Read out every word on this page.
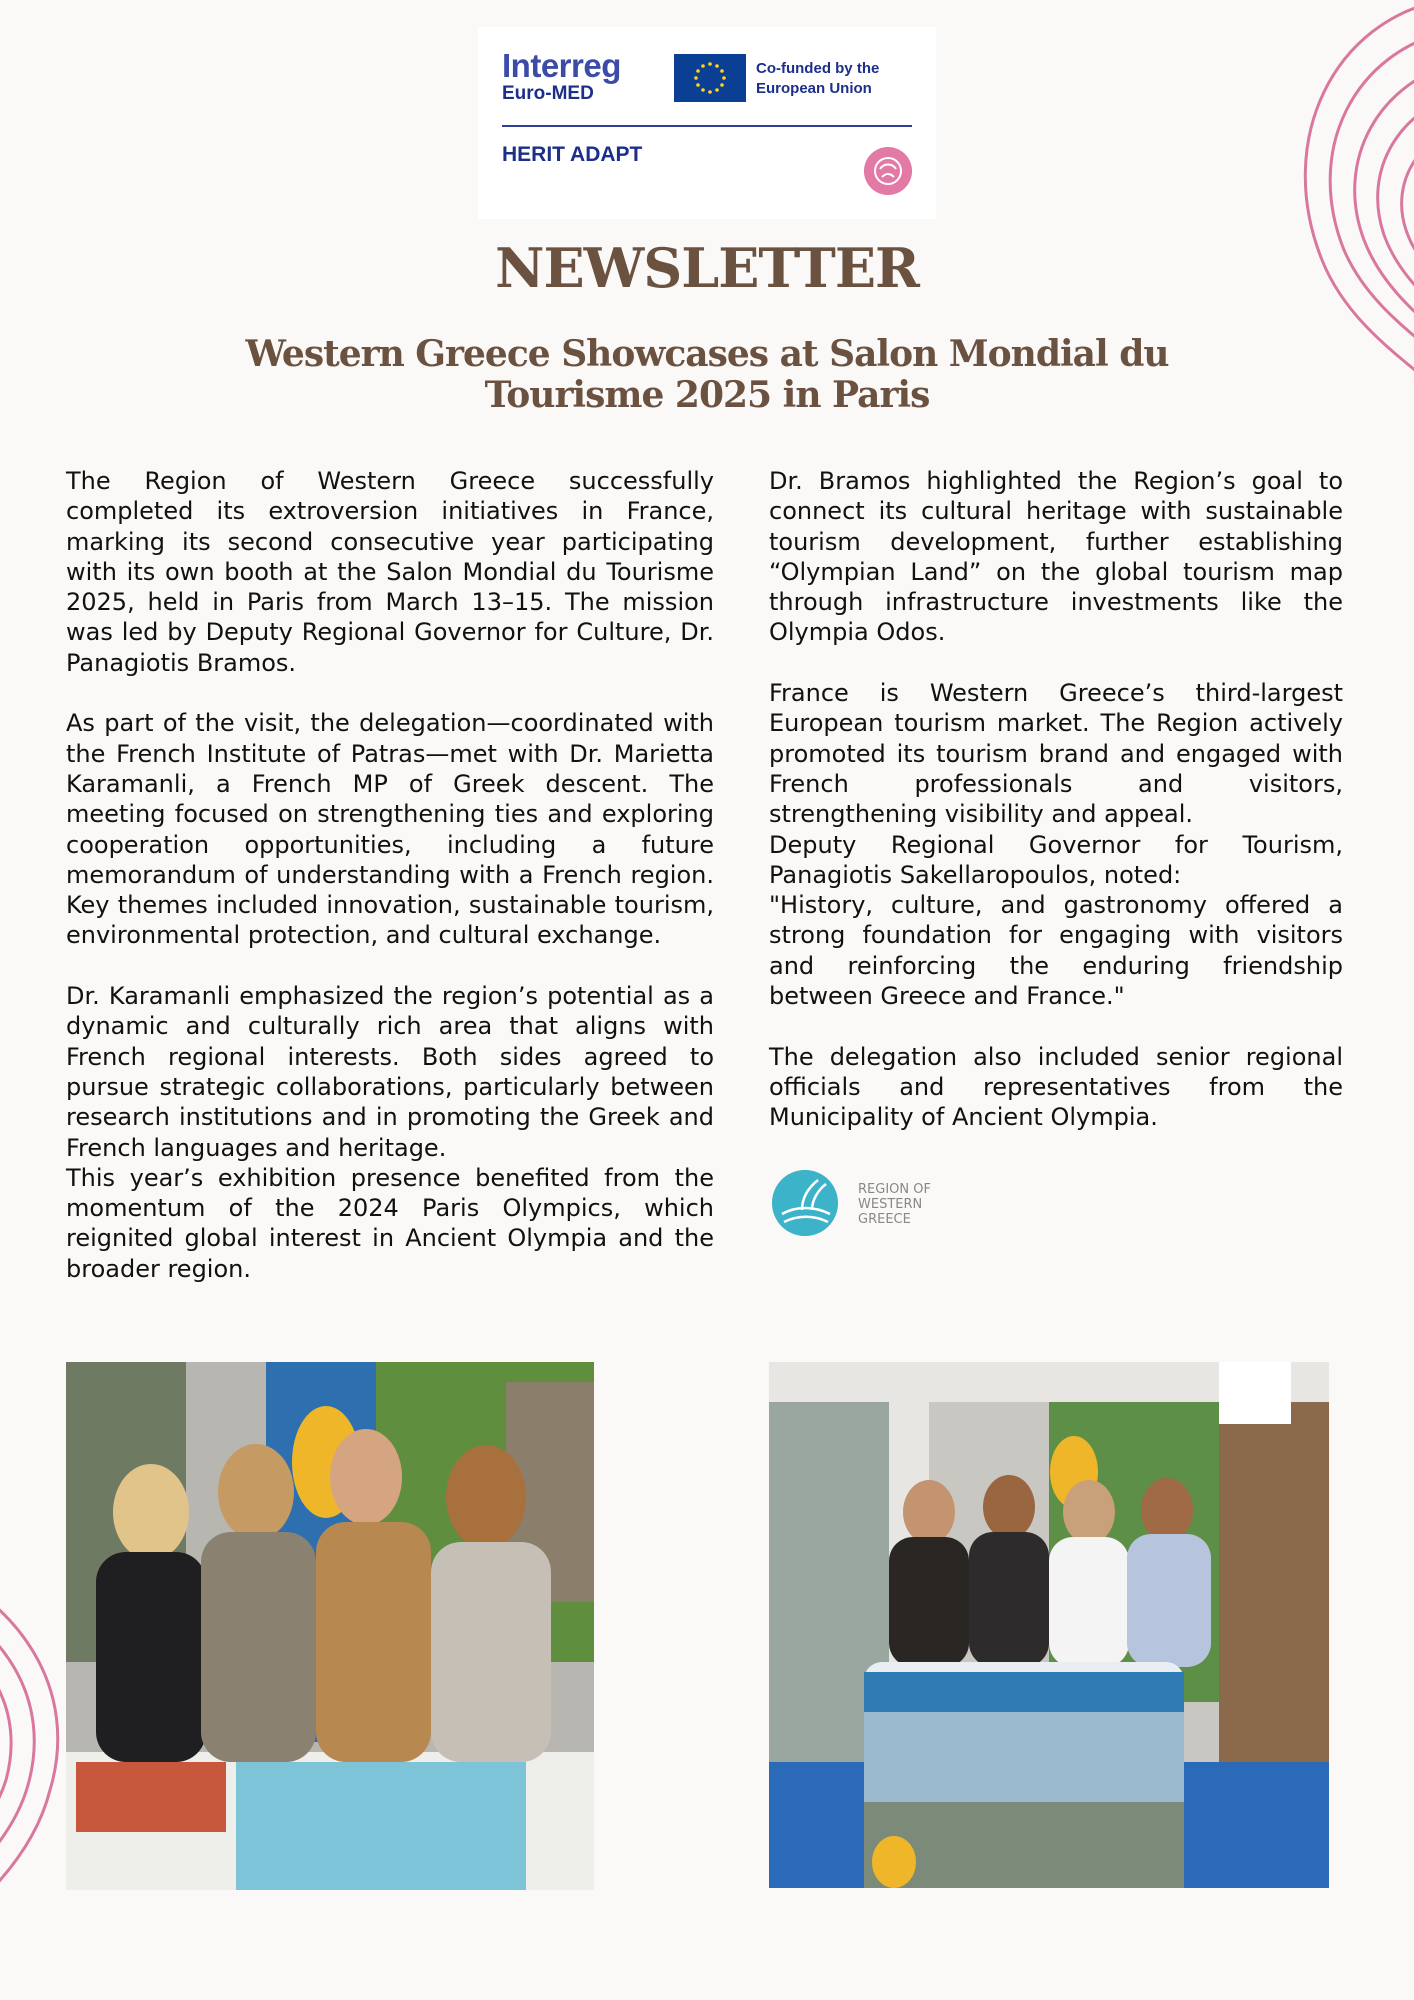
Interreg
Euro-MED
Co-funded by the European Union
HERIT ADAPT
NEWSLETTER
Western Greece Showcases at Salon Mondial du Tourisme 2025 in Paris

The Region of Western Greece successfully completed its extroversion initiatives in France, marking its second consecutive year participating with its own booth at the Salon Mondial du Tourisme 2025, held in Paris from March 13–15. The mission was led by Deputy Regional Governor for Culture, Dr. Panagiotis Bramos.

As part of the visit, the delegation—coordinated with the French Institute of Patras—met with Dr. Marietta Karamanli, a French MP of Greek descent. The meeting focused on strengthening ties and exploring cooperation opportunities, including a future memorandum of understanding with a French region. Key themes included innovation, sustainable tourism, environmental protection, and cultural exchange.

Dr. Karamanli emphasized the region’s potential as a dynamic and culturally rich area that aligns with French regional interests. Both sides agreed to pursue strategic collaborations, particularly between research institutions and in promoting the Greek and French languages and heritage.

This year’s exhibition presence benefited from the momentum of the 2024 Paris Olympics, which reignited global interest in Ancient Olympia and the broader region.

Dr. Bramos highlighted the Region’s goal to connect its cultural heritage with sustainable tourism development, further establishing “Olympian Land” on the global tourism map through infrastructure investments like the Olympia Odos.

France is Western Greece’s third-largest European tourism market. The Region actively promoted its tourism brand and engaged with French professionals and visitors, strengthening visibility and appeal.

Deputy Regional Governor for Tourism, Panagiotis Sakellaropoulos, noted:

"History, culture, and gastronomy offered a strong foundation for engaging with visitors and reinforcing the enduring friendship between Greece and France."

The delegation also included senior regional officials and representatives from the Municipality of Ancient Olympia.

REGION OF
WESTERN
GREECE
